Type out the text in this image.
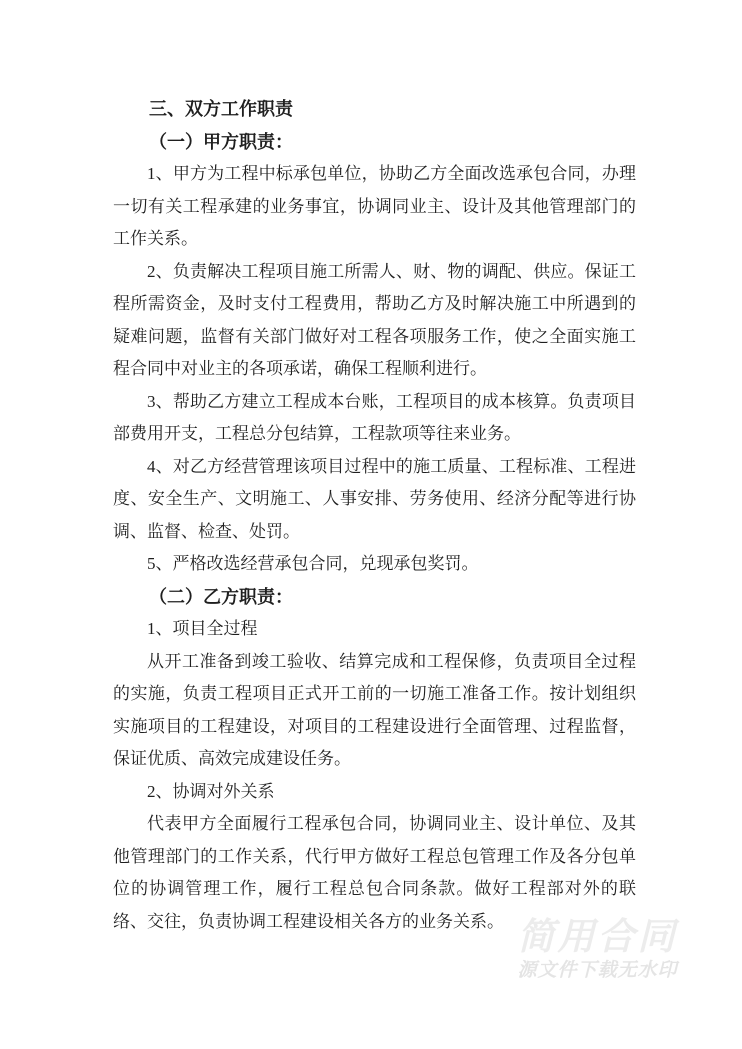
三、双方工作职责
（一）甲方职责：

1、甲方为工程中标承包单位，协助乙方全面改选承包合同，办理一切有关工程承建的业务事宜，协调同业主、设计及其他管理部门的工作关系。

2、负责解决工程项目施工所需人、财、物的调配、供应。保证工程所需资金，及时支付工程费用，帮助乙方及时解决施工中所遇到的疑难问题，监督有关部门做好对工程各项服务工作，使之全面实施工程合同中对业主的各项承诺，确保工程顺利进行。

3、帮助乙方建立工程成本台账，工程项目的成本核算。负责项目部费用开支，工程总分包结算，工程款项等往来业务。

4、对乙方经营管理该项目过程中的施工质量、工程标准、工程进度、安全生产、文明施工、人事安排、劳务使用、经济分配等进行协调、监督、检查、处罚。

5、严格改选经营承包合同，兑现承包奖罚。

（二）乙方职责：

1、项目全过程

从开工准备到竣工验收、结算完成和工程保修，负责项目全过程的实施，负责工程项目正式开工前的一切施工准备工作。按计划组织实施项目的工程建设，对项目的工程建设进行全面管理、过程监督，保证优质、高效完成建设任务。

2、协调对外关系

代表甲方全面履行工程承包合同，协调同业主、设计单位、及其他管理部门的工作关系，代行甲方做好工程总包管理工作及各分包单位的协调管理工作，履行工程总包合同条款。做好工程部对外的联络、交往，负责协调工程建设相关各方的业务关系。 简用合同
源文件下载无水印
